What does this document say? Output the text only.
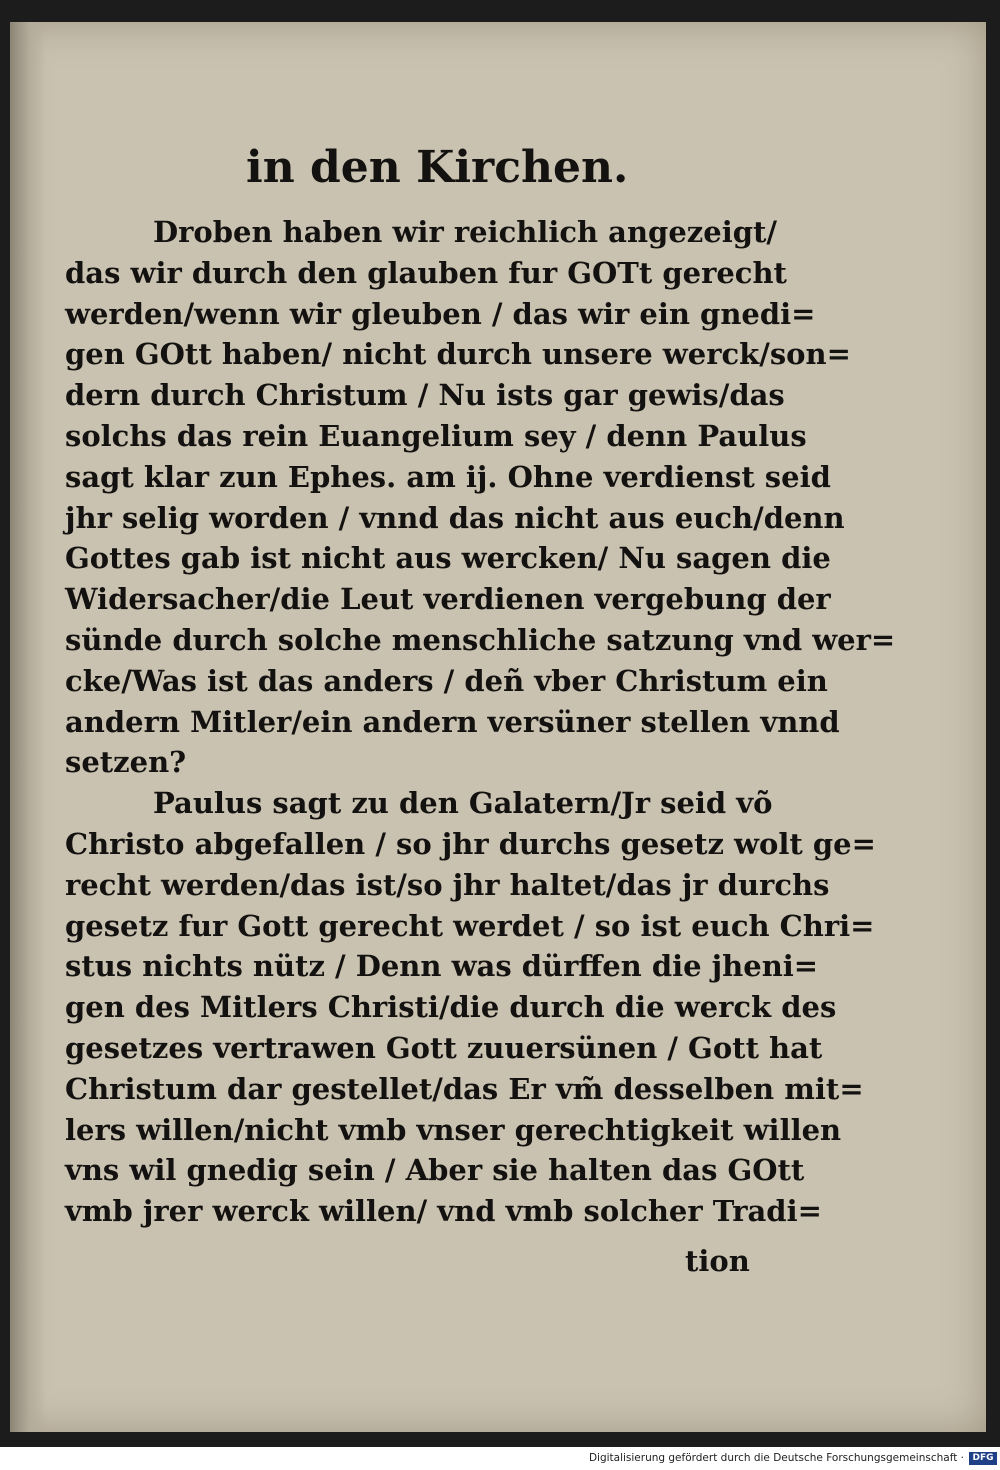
in den Kirchen.
Droben haben wir reichlich angezeigt/
das wir durch den glauben fur GOTt gerecht
werden/wenn wir gleuben / das wir ein gnedi=
gen GOtt haben/ nicht durch unsere werck/son=
dern durch Christum / Nu ists gar gewis/das
solchs das rein Euangelium sey / denn Paulus
sagt klar zun Ephes. am ij. Ohne verdienst seid
jhr selig worden / vnnd das nicht aus euch/denn
Gottes gab ist nicht aus wercken/ Nu sagen die
Widersacher/die Leut verdienen vergebung der
sünde durch solche menschliche satzung vnd wer=
cke/Was ist das anders / deñ vber Christum ein
andern Mitler/ein andern versüner stellen vnnd
setzen?
Paulus sagt zu den Galatern/Jr seid võ
Christo abgefallen / so jhr durchs gesetz wolt ge=
recht werden/das ist/so jhr haltet/das jr durchs
gesetz fur Gott gerecht werdet / so ist euch Chri=
stus nichts nütz / Denn was dürffen die jheni=
gen des Mitlers Christi/die durch die werck des
gesetzes vertrawen Gott zuuersünen / Gott hat
Christum dar gestellet/das Er vm̃ desselben mit=
lers willen/nicht vmb vnser gerechtigkeit willen
vns wil gnedig sein / Aber sie halten das GOtt
vmb jrer werck willen/ vnd vmb solcher Tradi=
tion
Digitalisierung gefördert durch die Deutsche Forschungsgemeinschaft · DFG
